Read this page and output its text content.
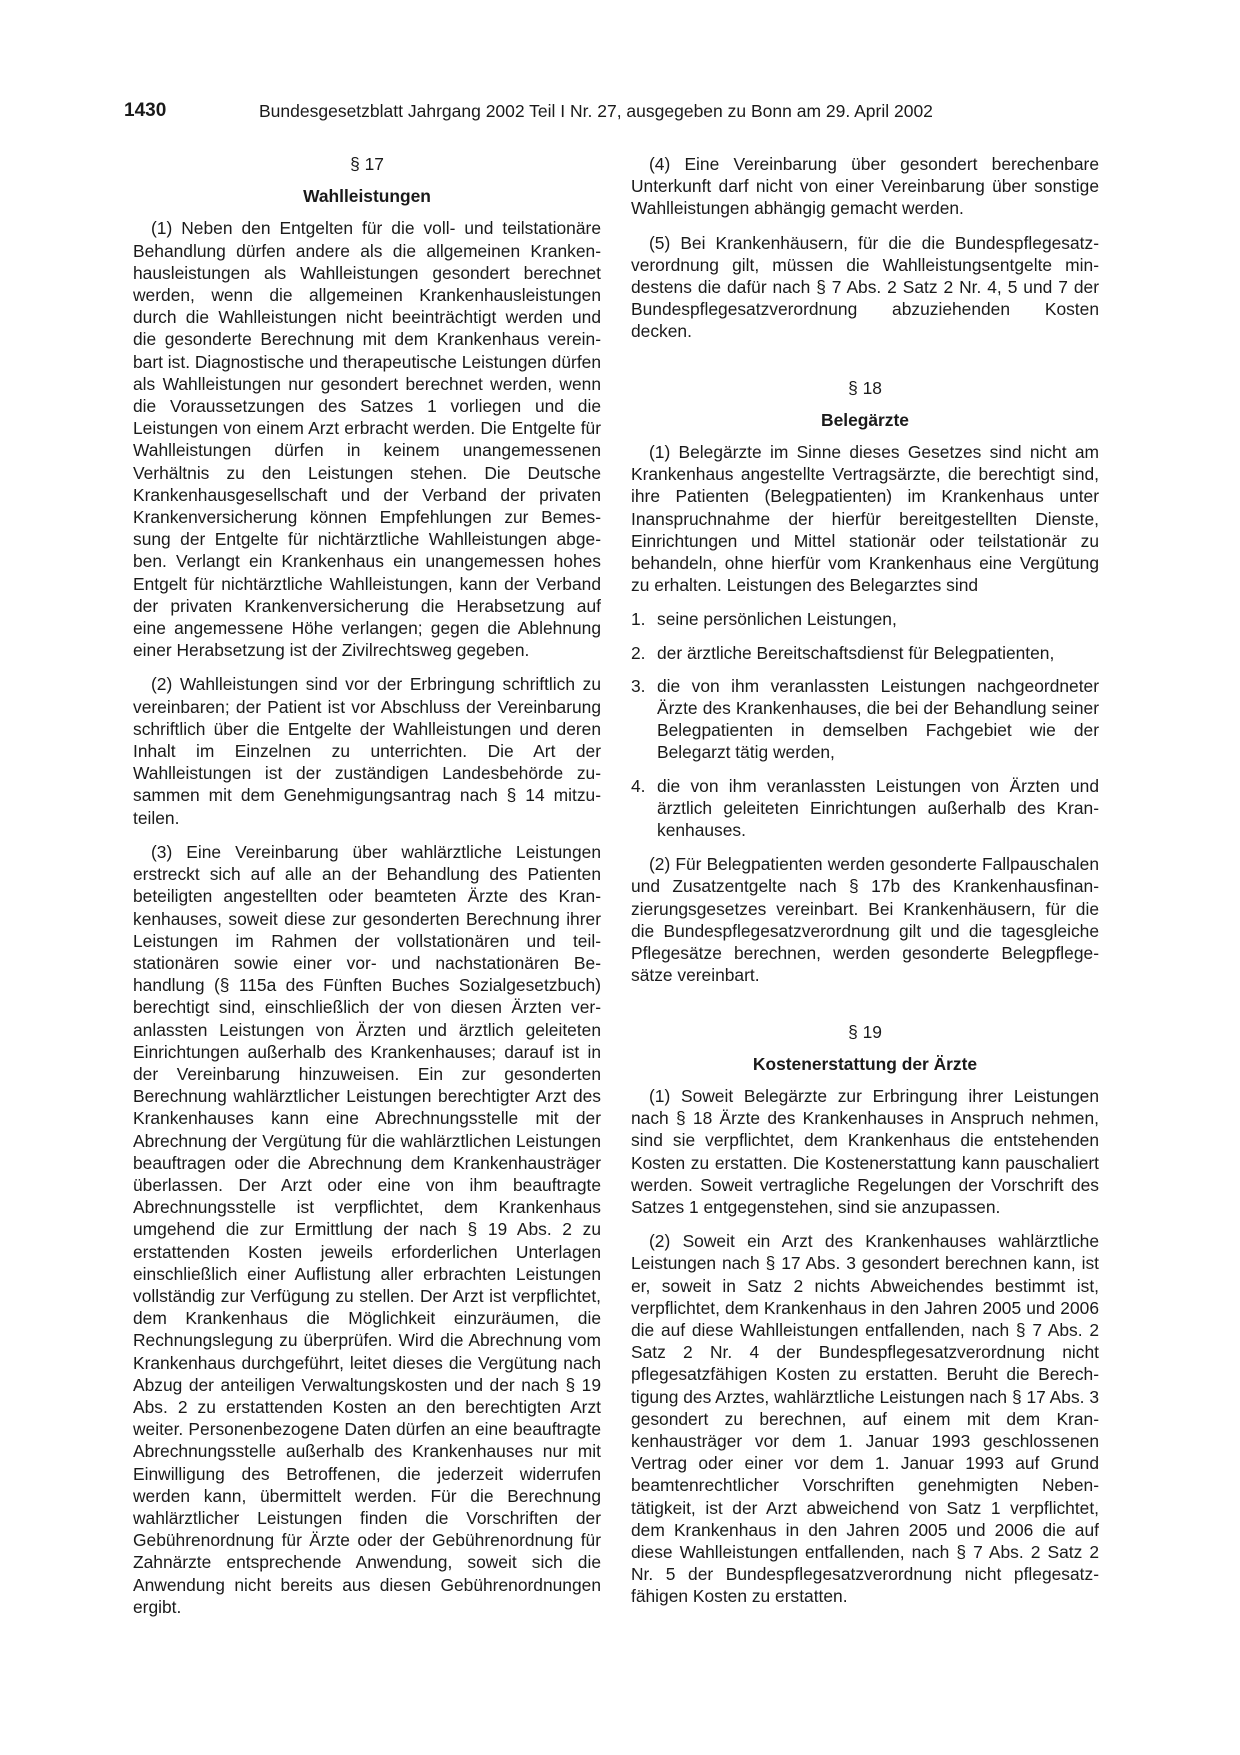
1430	Bundesgesetzblatt Jahrgang 2002 Teil I Nr. 27, ausgegeben zu Bonn am 29. April 2002

§ 17

Wahlleistungen

(1) Neben den Entgelten für die voll- und teilstationäre Behandlung dürfen andere als die allgemeinen Krankenhausleistungen als Wahlleistungen gesondert berechnet werden, wenn die allgemeinen Krankenhausleistungen durch die Wahlleistungen nicht beeinträchtigt werden und die gesonderte Berechnung mit dem Krankenhaus vereinbart ist. Diagnostische und therapeutische Leistungen dürfen als Wahlleistungen nur gesondert berechnet werden, wenn die Voraussetzungen des Satzes 1 vorliegen und die Leistungen von einem Arzt erbracht werden. Die Entgelte für Wahlleistungen dürfen in keinem unangemessenen Verhältnis zu den Leistungen stehen. Die Deutsche Krankenhausgesellschaft und der Verband der privaten Krankenversicherung können Empfehlungen zur Bemessung der Entgelte für nichtärztliche Wahlleistungen abgeben. Verlangt ein Krankenhaus ein unangemessen hohes Entgelt für nichtärztliche Wahlleistungen, kann der Verband der privaten Krankenversicherung die Herabsetzung auf eine angemessene Höhe verlangen; gegen die Ablehnung einer Herabsetzung ist der Zivilrechtsweg gegeben.

(2) Wahlleistungen sind vor der Erbringung schriftlich zu vereinbaren; der Patient ist vor Abschluss der Vereinbarung schriftlich über die Entgelte der Wahlleistungen und deren Inhalt im Einzelnen zu unterrichten. Die Art der Wahlleistungen ist der zuständigen Landesbehörde zusammen mit dem Genehmigungsantrag nach § 14 mitzuteilen.

(3) Eine Vereinbarung über wahlärztliche Leistungen erstreckt sich auf alle an der Behandlung des Patienten beteiligten angestellten oder beamteten Ärzte des Krankenhauses, soweit diese zur gesonderten Berechnung ihrer Leistungen im Rahmen der vollstationären und teilstationären sowie einer vor- und nachstationären Behandlung (§ 115a des Fünften Buches Sozialgesetzbuch) berechtigt sind, einschließlich der von diesen Ärzten veranlassten Leistungen von Ärzten und ärztlich geleiteten Einrichtungen außerhalb des Krankenhauses; darauf ist in der Vereinbarung hinzuweisen. Ein zur gesonderten Berechnung wahlärztlicher Leistungen berechtigter Arzt des Krankenhauses kann eine Abrechnungsstelle mit der Abrechnung der Vergütung für die wahlärztlichen Leistungen beauftragen oder die Abrechnung dem Krankenhausträger überlassen. Der Arzt oder eine von ihm beauftragte Abrechnungsstelle ist verpflichtet, dem Krankenhaus umgehend die zur Ermittlung der nach § 19 Abs. 2 zu erstattenden Kosten jeweils erforderlichen Unterlagen einschließlich einer Auflistung aller erbrachten Leistungen vollständig zur Verfügung zu stellen. Der Arzt ist verpflichtet, dem Krankenhaus die Möglichkeit einzuräumen, die Rechnungslegung zu überprüfen. Wird die Abrechnung vom Krankenhaus durchgeführt, leitet dieses die Vergütung nach Abzug der anteiligen Verwaltungskosten und der nach § 19 Abs. 2 zu erstattenden Kosten an den berechtigten Arzt weiter. Personenbezogene Daten dürfen an eine beauftragte Abrechnungsstelle außerhalb des Krankenhauses nur mit Einwilligung des Betroffenen, die jederzeit widerrufen werden kann, übermittelt werden. Für die Berechnung wahlärztlicher Leistungen finden die Vorschriften der Gebührenordnung für Ärzte oder der Gebührenordnung für Zahnärzte entsprechende Anwendung, soweit sich die Anwendung nicht bereits aus diesen Gebührenordnungen ergibt.

(4) Eine Vereinbarung über gesondert berechenbare Unterkunft darf nicht von einer Vereinbarung über sonstige Wahlleistungen abhängig gemacht werden.

(5) Bei Krankenhäusern, für die die Bundespflegesatzverordnung gilt, müssen die Wahlleistungsentgelte mindestens die dafür nach § 7 Abs. 2 Satz 2 Nr. 4, 5 und 7 der Bundespflegesatzverordnung abzuziehenden Kosten decken.

§ 18

Belegärzte

(1) Belegärzte im Sinne dieses Gesetzes sind nicht am Krankenhaus angestellte Vertragsärzte, die berechtigt sind, ihre Patienten (Belegpatienten) im Krankenhaus unter Inanspruchnahme der hierfür bereitgestellten Dienste, Einrichtungen und Mittel stationär oder teilstationär zu behandeln, ohne hierfür vom Krankenhaus eine Vergütung zu erhalten. Leistungen des Belegarztes sind

1. seine persönlichen Leistungen,
2. der ärztliche Bereitschaftsdienst für Belegpatienten,
3. die von ihm veranlassten Leistungen nachgeordneter Ärzte des Krankenhauses, die bei der Behandlung seiner Belegpatienten in demselben Fachgebiet wie der Belegarzt tätig werden,
4. die von ihm veranlassten Leistungen von Ärzten und ärztlich geleiteten Einrichtungen außerhalb des Krankenhauses.

(2) Für Belegpatienten werden gesonderte Fallpauschalen und Zusatzentgelte nach § 17b des Krankenhausfinanzierungsgesetzes vereinbart. Bei Krankenhäusern, für die die Bundespflegesatzverordnung gilt und die tagesgleiche Pflegesätze berechnen, werden gesonderte Belegpflegesätze vereinbart.

§ 19

Kostenerstattung der Ärzte

(1) Soweit Belegärzte zur Erbringung ihrer Leistungen nach § 18 Ärzte des Krankenhauses in Anspruch nehmen, sind sie verpflichtet, dem Krankenhaus die entstehenden Kosten zu erstatten. Die Kostenerstattung kann pauschaliert werden. Soweit vertragliche Regelungen der Vorschrift des Satzes 1 entgegenstehen, sind sie anzupassen.

(2) Soweit ein Arzt des Krankenhauses wahlärztliche Leistungen nach § 17 Abs. 3 gesondert berechnen kann, ist er, soweit in Satz 2 nichts Abweichendes bestimmt ist, verpflichtet, dem Krankenhaus in den Jahren 2005 und 2006 die auf diese Wahlleistungen entfallenden, nach § 7 Abs. 2 Satz 2 Nr. 4 der Bundespflegesatzverordnung nicht pflegesatzfähigen Kosten zu erstatten. Beruht die Berechtigung des Arztes, wahlärztliche Leistungen nach § 17 Abs. 3 gesondert zu berechnen, auf einem mit dem Krankenhausträger vor dem 1. Januar 1993 geschlossenen Vertrag oder einer vor dem 1. Januar 1993 auf Grund beamtenrechtlicher Vorschriften genehmigten Nebentätigkeit, ist der Arzt abweichend von Satz 1 verpflichtet, dem Krankenhaus in den Jahren 2005 und 2006 die auf diese Wahlleistungen entfallenden, nach § 7 Abs. 2 Satz 2 Nr. 5 der Bundespflegesatzverordnung nicht pflegesatzfähigen Kosten zu erstatten.
